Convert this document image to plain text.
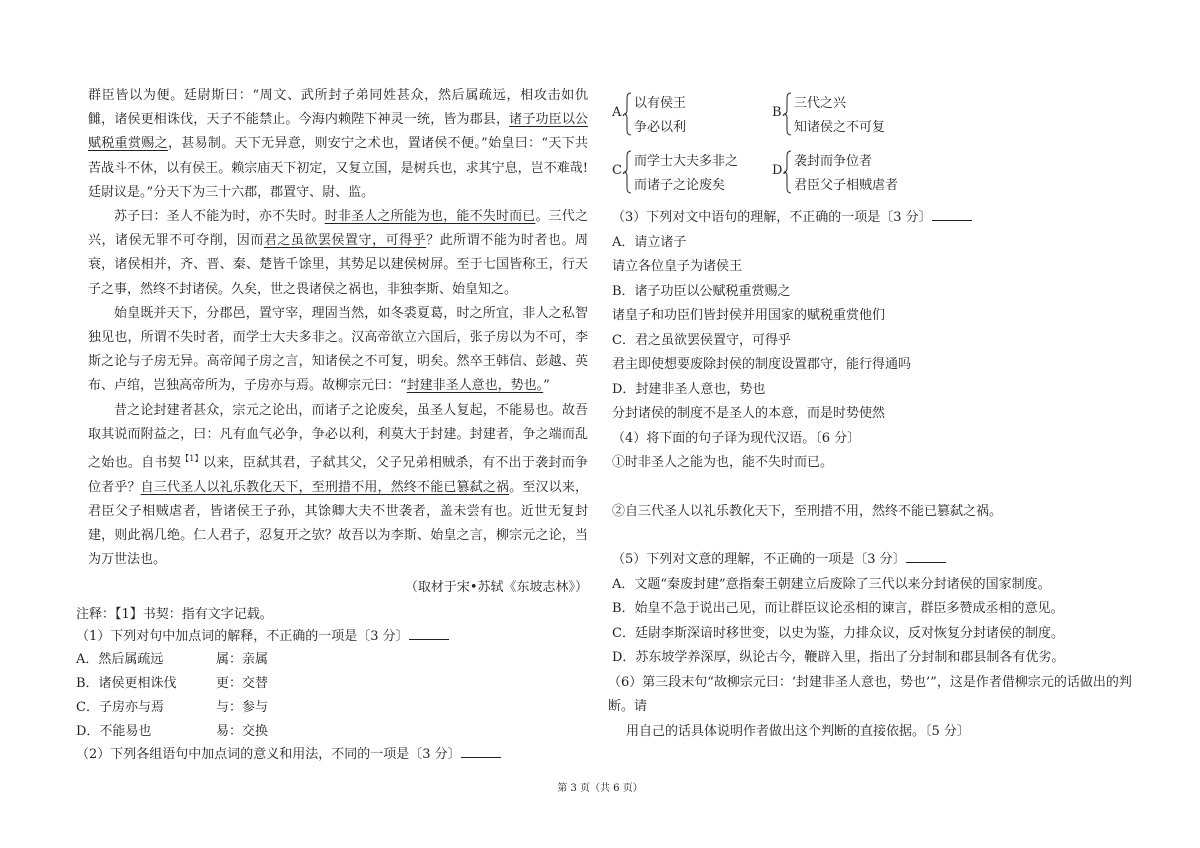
群臣皆以为便。廷尉斯曰：“周文、武所封子弟同姓甚众，然后属疏远，相攻击如仇雠，诸侯更相诛伐，天子不能禁止。今海内赖陛下神灵一统，皆为郡县，诸子功臣以公赋税重赏赐之，甚易制。天下无异意，则安宁之术也，置诸侯不便。”始皇曰：“天下共苦战斗不休，以有侯王。赖宗庙天下初定，又复立国，是树兵也，求其宁息，岂不难哉!廷尉议是。”分天下为三十六郡，郡置守、尉、监。

苏子曰：圣人不能为时，亦不失时。时非圣人之所能为也，能不失时而已。三代之兴，诸侯无罪不可夺削，因而君之虽欲罢侯置守，可得乎？此所谓不能为时者也。周衰，诸侯相并，齐、晋、秦、楚皆千馀里，其势足以建侯树屏。至于七国皆称王，行天子之事，然终不封诸侯。久矣，世之畏诸侯之祸也，非独李斯、始皇知之。

始皇既并天下，分郡邑，置守宰，理固当然，如冬裘夏葛，时之所宜，非人之私智独见也，所谓不失时者，而学士大夫多非之。汉高帝欲立六国后，张子房以为不可，李斯之论与子房无异。高帝闻子房之言，知诸侯之不可复，明矣。然卒王韩信、彭越、英布、卢绾，岂独高帝所为，子房亦与焉。故柳宗元曰：“封建非圣人意也，势也。”

昔之论封建者甚众，宗元之论出，而诸子之论废矣，虽圣人复起，不能易也。故吾取其说而附益之，曰：凡有血气必争，争必以利，利莫大于封建。封建者，争之端而乱之始也。自书契$^{【1】}$以来，臣弑其君，子弑其父，父子兄弟相贼杀，有不出于袭封而争位者乎？自三代圣人以礼乐教化天下，至刑措不用，然终不能已篡弑之祸。至汉以来，君臣父子相贼虐者，皆诸侯王子孙，其馀卿大夫不世袭者，盖未尝有也。近世无复封建，则此祸几绝。仁人君子，忍复开之欤？故吾以为李斯、始皇之言，柳宗元之论，当为万世法也。

（取材于宋•苏轼《东坡志林》）

注释：【1】书契：指有文字记载。

（1）下列对句中加点词的解释，不正确的一项是〔3 分〕

A．然后属疏远	属：亲属
B．诸侯更相诛伐	更：交替
C．子房亦与焉	与：参与
D．不能易也	易：交换

（2）下列各组语句中加点词的意义和用法，不同的一项是〔3 分〕

A.
以有侯王
争必以利
B.
三代之兴
知诸侯之不可复
C.
而学士大夫多非之
而诸子之论废矣
D.
袭封而争位者
君臣父子相贼虐者

（3）下列对文中语句的理解，不正确的一项是〔3 分〕

A．请立诸子

请立各位皇子为诸侯王

B．诸子功臣以公赋税重赏赐之

诸皇子和功臣们皆封侯并用国家的赋税重赏他们

C．君之虽欲罢侯置守，可得乎

君主即使想要废除封侯的制度设置郡守，能行得通吗

D．封建非圣人意也，势也

分封诸侯的制度不是圣人的本意，而是时势使然

（4）将下面的句子译为现代汉语。〔6 分〕

①时非圣人之能为也，能不失时而已。

②自三代圣人以礼乐教化天下，至刑措不用，然终不能已篡弑之祸。

（5）下列对文意的理解，不正确的一项是〔3 分〕

A．文题“秦废封建”意指秦王朝建立后废除了三代以来分封诸侯的国家制度。

B．始皇不急于说出己见，而让群臣议论丞相的谏言，群臣多赞成丞相的意见。

C．廷尉李斯深谙时移世变，以史为鉴，力排众议，反对恢复分封诸侯的制度。

D．苏东坡学养深厚，纵论古今，鞭辟入里，指出了分封制和郡县制各有优劣。

（6）第三段末句“故柳宗元曰：‘封建非圣人意也，势也’”，这是作者借柳宗元的话做出的判断。请

用自己的话具体说明作者做出这个判断的直接依据。〔5 分〕

第 3 页（共 6 页）
